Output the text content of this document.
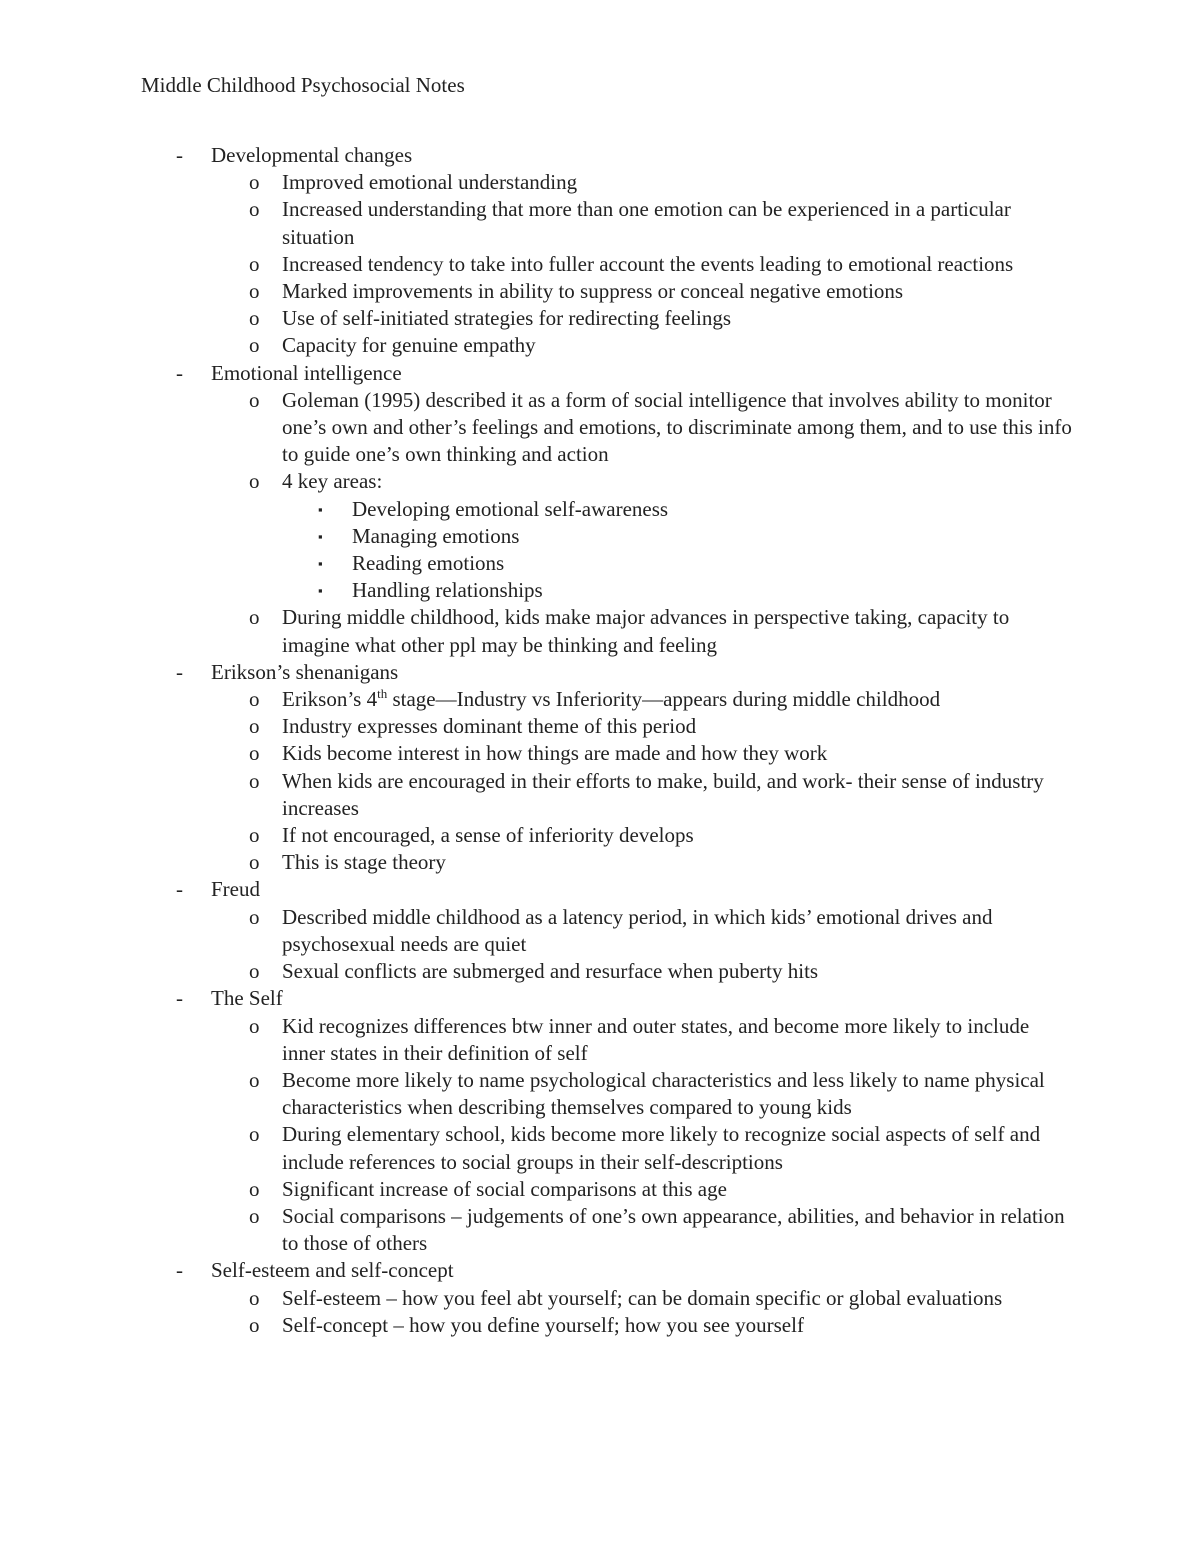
Middle Childhood Psychosocial Notes
- Developmental changes
o Improved emotional understanding
o Increased understanding that more than one emotion can be experienced in a particular situation
o Increased tendency to take into fuller account the events leading to emotional reactions
o Marked improvements in ability to suppress or conceal negative emotions
o Use of self-initiated strategies for redirecting feelings
o Capacity for genuine empathy
- Emotional intelligence
o Goleman (1995) described it as a form of social intelligence that involves ability to monitor one’s own and other’s feelings and emotions, to discriminate among them, and to use this info to guide one’s own thinking and action
o 4 key areas:
▪ Developing emotional self-awareness
▪ Managing emotions
▪ Reading emotions
▪ Handling relationships
o During middle childhood, kids make major advances in perspective taking, capacity to imagine what other ppl may be thinking and feeling
- Erikson’s shenanigans
o Erikson’s 4th stage—Industry vs Inferiority—appears during middle childhood
o Industry expresses dominant theme of this period
o Kids become interest in how things are made and how they work
o When kids are encouraged in their efforts to make, build, and work- their sense of industry increases
o If not encouraged, a sense of inferiority develops
o This is stage theory
- Freud
o Described middle childhood as a latency period, in which kids’ emotional drives and psychosexual needs are quiet
o Sexual conflicts are submerged and resurface when puberty hits
- The Self
o Kid recognizes differences btw inner and outer states, and become more likely to include inner states in their definition of self
o Become more likely to name psychological characteristics and less likely to name physical characteristics when describing themselves compared to young kids
o During elementary school, kids become more likely to recognize social aspects of self and include references to social groups in their self-descriptions
o Significant increase of social comparisons at this age
o Social comparisons – judgements of one’s own appearance, abilities, and behavior in relation to those of others
- Self-esteem and self-concept
o Self-esteem – how you feel abt yourself; can be domain specific or global evaluations
o Self-concept – how you define yourself; how you see yourself
